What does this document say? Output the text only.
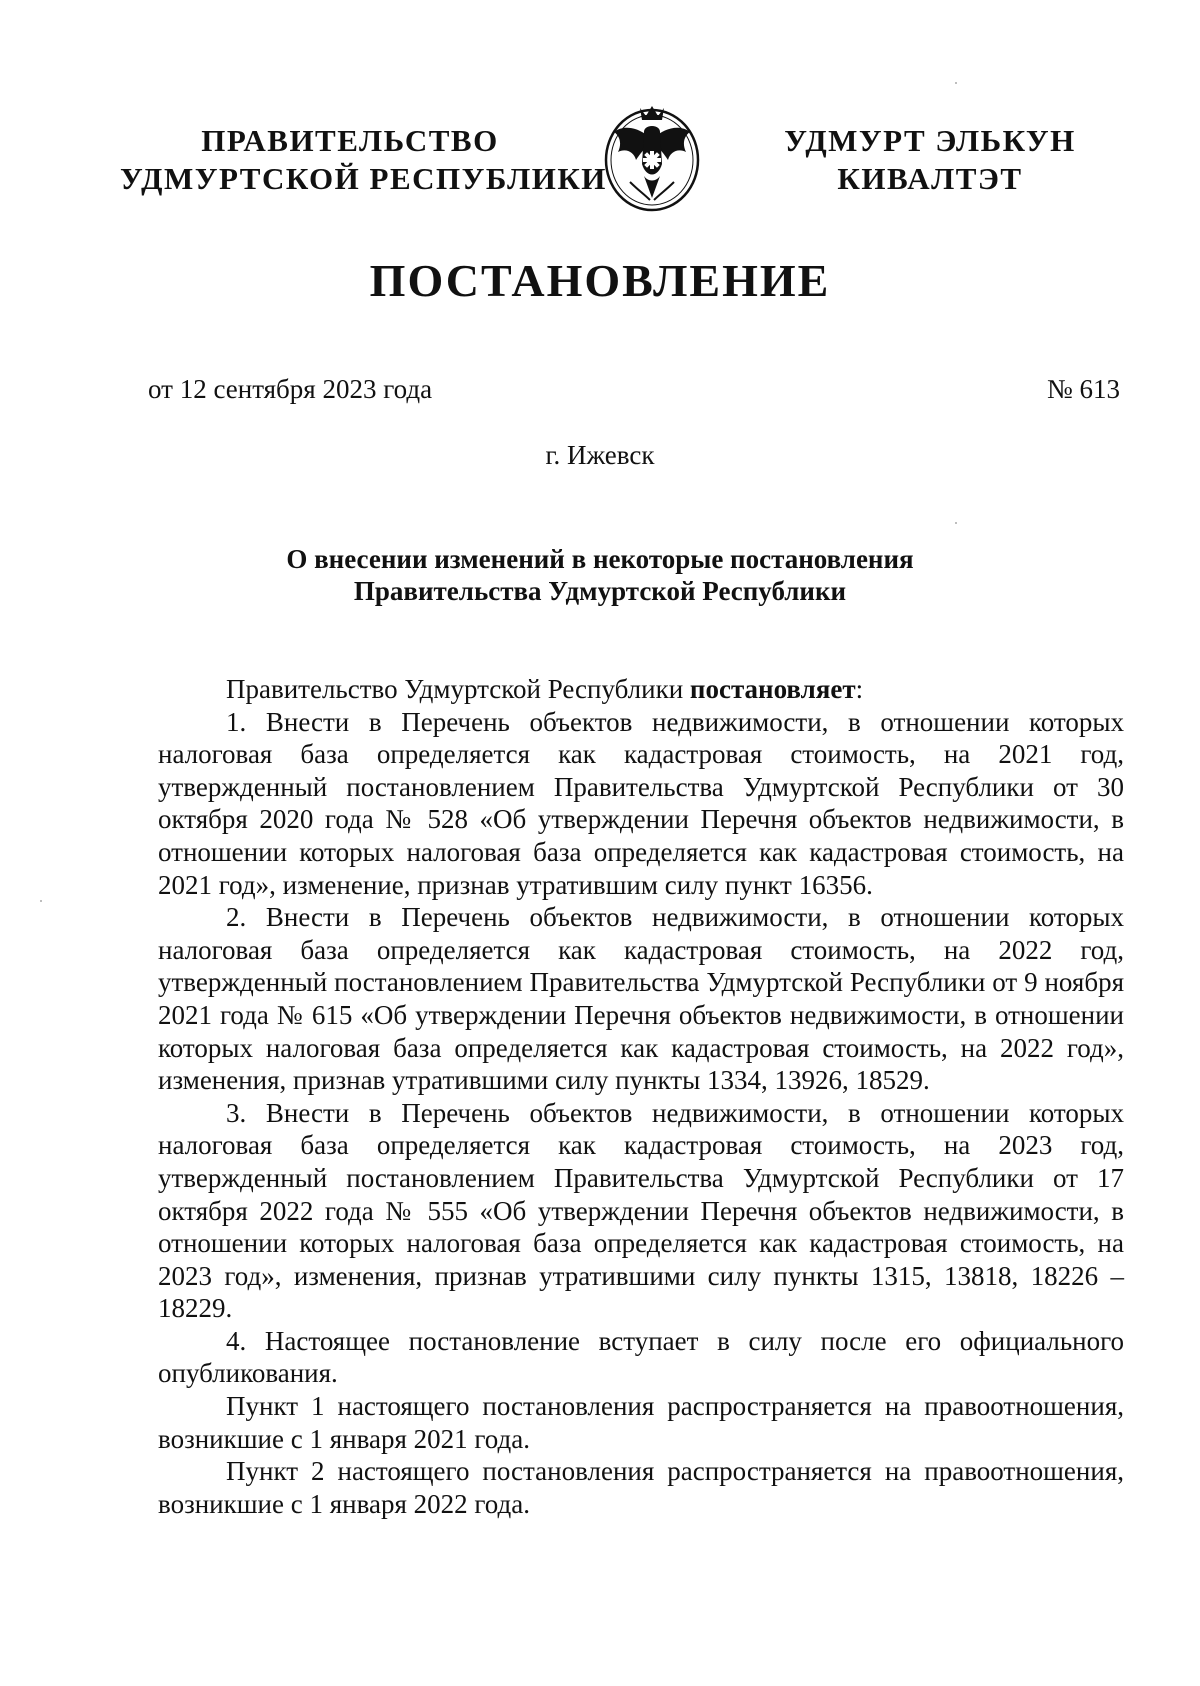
ПРАВИТЕЛЬСТВО
УДМУРТСКОЙ РЕСПУБЛИКИ
УДМУРТ ЭЛЬКУН
КИВАЛТЭТ
ПОСТАНОВЛЕНИЕ
от 12 сентября 2023 года	№ 613
г. Ижевск
О внесении изменений в некоторые постановления
Правительства Удмуртской Республики

Правительство Удмуртской Республики постановляет:

1. Внести в Перечень объектов недвижимости, в отношении которых налоговая база определяется как кадастровая стоимость, на 2021 год, утвержденный постановлением Правительства Удмуртской Республики от 30 октября 2020 года № 528 «Об утверждении Перечня объектов недвижимости, в отношении которых налоговая база определяется как кадастровая стоимость, на 2021 год», изменение, признав утратившим силу пункт 16356.

2. Внести в Перечень объектов недвижимости, в отношении которых налоговая база определяется как кадастровая стоимость, на 2022 год, утвержденный постановлением Правительства Удмуртской Республики от 9 ноября 2021 года № 615 «Об утверждении Перечня объектов недвижимости, в отношении которых налоговая база определяется как кадастровая стоимость, на 2022 год», изменения, признав утратившими силу пункты 1334, 13926, 18529.

3. Внести в Перечень объектов недвижимости, в отношении которых налоговая база определяется как кадастровая стоимость, на 2023 год, утвержденный постановлением Правительства Удмуртской Республики от 17 октября 2022 года № 555 «Об утверждении Перечня объектов недвижимости, в отношении которых налоговая база определяется как кадастровая стоимость, на 2023 год», изменения, признав утратившими силу пункты 1315, 13818, 18226 – 18229.

4. Настоящее постановление вступает в силу после его официального опубликования.

Пункт 1 настоящего постановления распространяется на правоотношения, возникшие с 1 января 2021 года.

Пункт 2 настоящего постановления распространяется на правоотношения, возникшие с 1 января 2022 года.
